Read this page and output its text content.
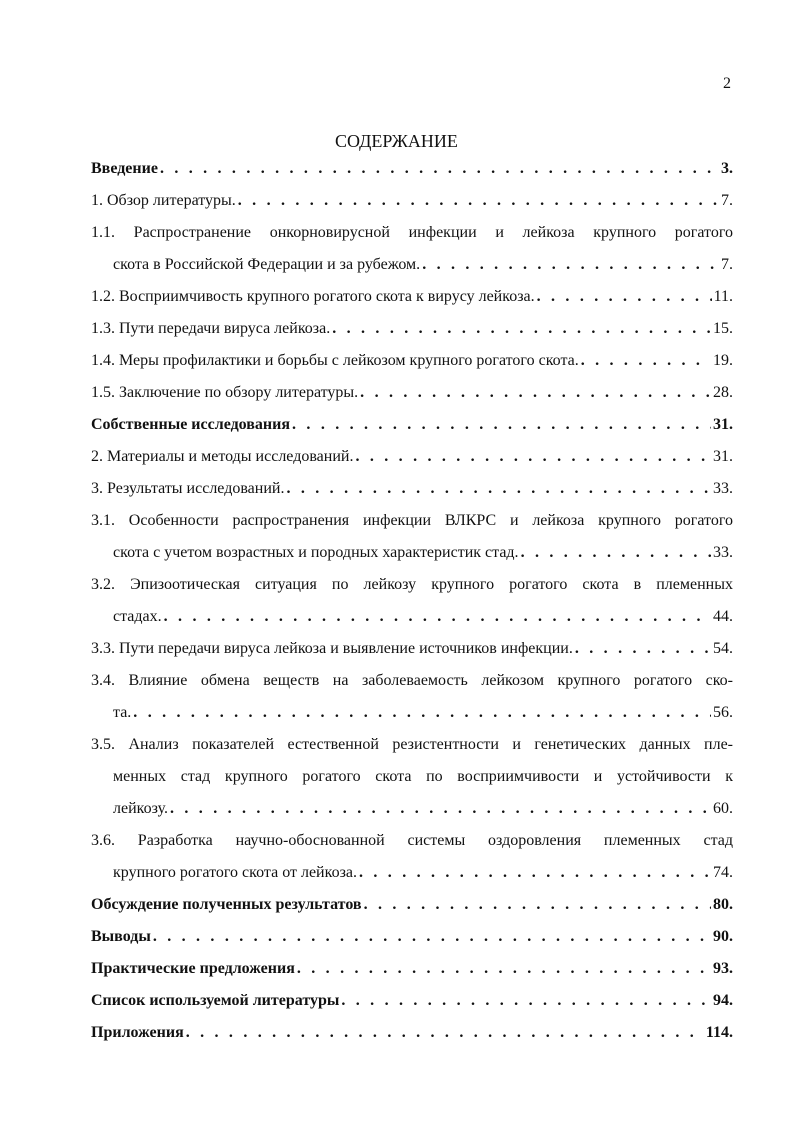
2
СОДЕРЖАНИЕ
Введение . . .	3.
1. Обзор литературы. . . .	7.
1.1. Распространение онкорновирусной инфекции и лейкоза крупного рогатого
скота в Российской Федерации и за рубежом. . . .	7.
1.2. Восприимчивость крупного рогатого скота к вирусу лейкоза. . . .	11.
1.3. Пути передачи вируса лейкоза. . . .	15.
1.4. Меры профилактики и борьбы с лейкозом крупного рогатого скота. . . .	19.
1.5. Заключение по обзору литературы. . . .	28.
Собственные исследования . . .	31.
2. Материалы и методы исследований. . . .	31.
3. Результаты исследований. . . .	33.
3.1. Особенности распространения инфекции ВЛКРС и лейкоза крупного рогатого
скота с учетом возрастных и породных характеристик стад. . . .	33.
3.2. Эпизоотическая ситуация по лейкозу крупного рогатого скота в племенных
стадах. . . .	44.
3.3. Пути передачи вируса лейкоза и выявление источников инфекции. . . .	54.
3.4. Влияние обмена веществ на заболеваемость лейкозом крупного рогатого ско-
та. . . .	56.
3.5. Анализ показателей естественной резистентности и генетических данных пле-
менных стад крупного рогатого скота по восприимчивости и устойчивости к
лейкозу. . . .	60.
3.6. Разработка научно-обоснованной системы оздоровления племенных стад
крупного рогатого скота от лейкоза. . . .	74.
Обсуждение полученных результатов . . .	80.
Выводы . . .	90.
Практические предложения . . .	93.
Список используемой литературы . . .	94.
Приложения . . .	114.
